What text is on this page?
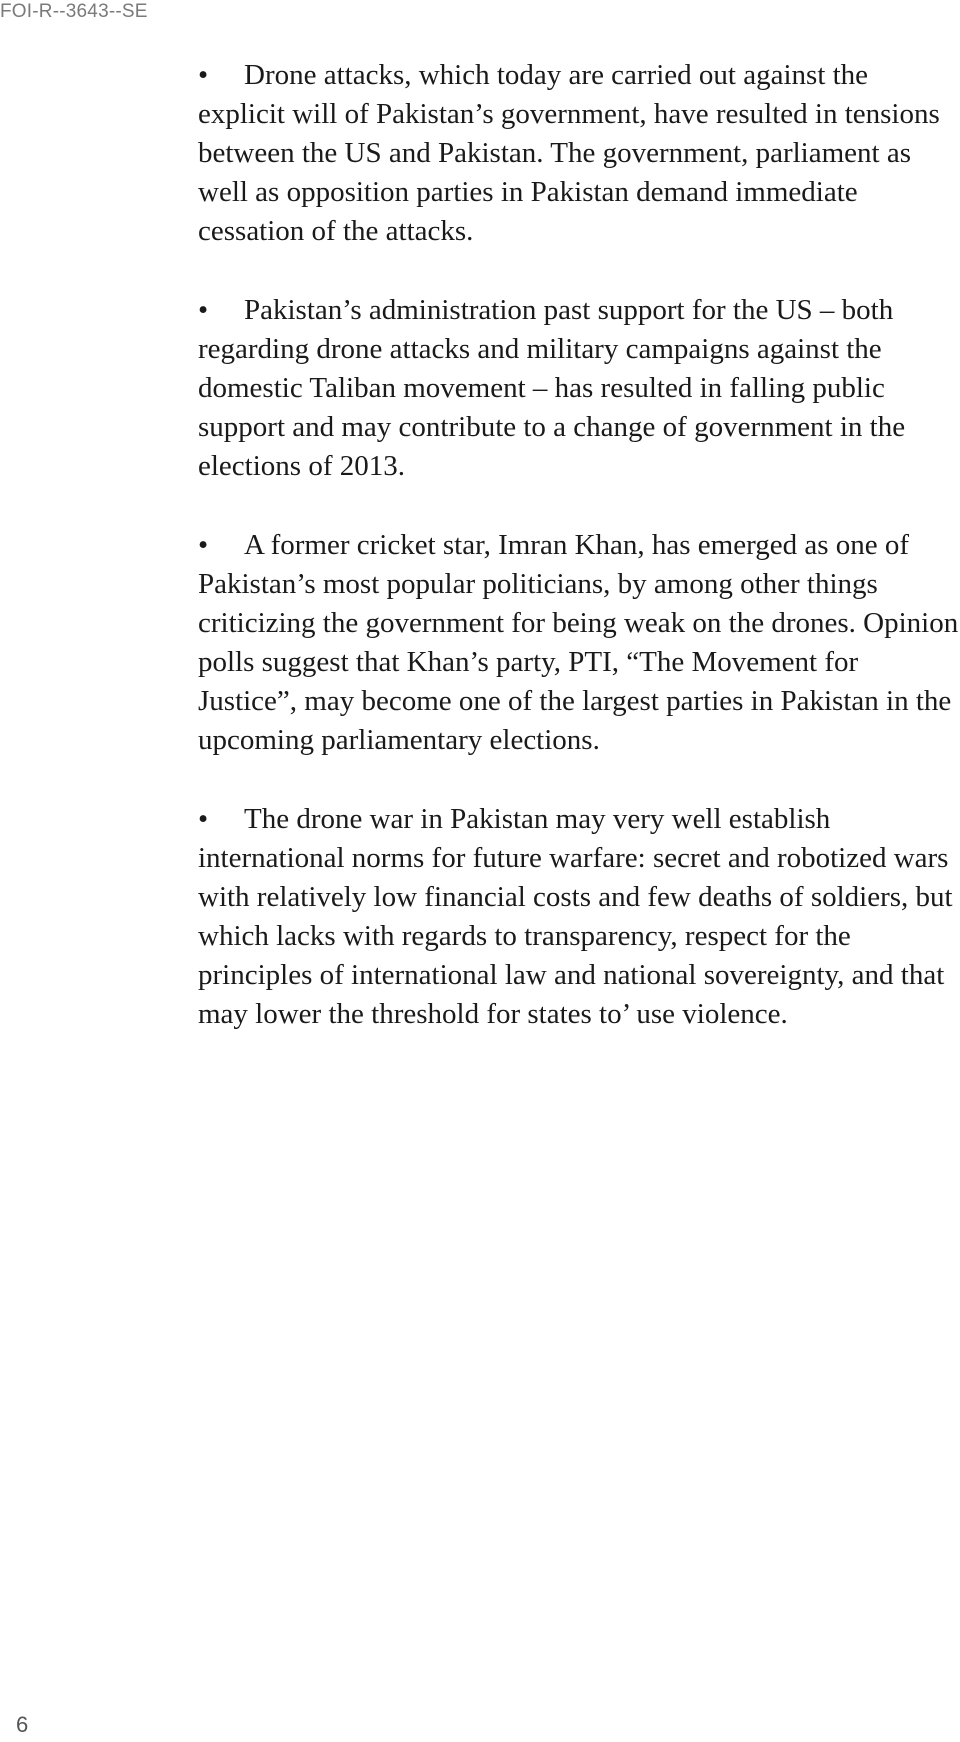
FOI-R--3643--SE
• Drone attacks, which today are carried out against the explicit will of Pakistan’s government, have resulted in tensions between the US and Pakistan. The government, parliament as well as opposition parties in Pakistan demand immediate cessation of the attacks.
• Pakistan’s administration past support for the US – both regarding drone attacks and military campaigns against the domestic Taliban movement – has resulted in falling public support and may contribute to a change of government in the elections of 2013.
• A former cricket star, Imran Khan, has emerged as one of Pakistan’s most popular politicians, by among other things criticizing the government for being weak on the drones. Opinion polls suggest that Khan’s party, PTI, “The Movement for Justice”, may become one of the largest parties in Pakistan in the upcoming parliamentary elections.
• The drone war in Pakistan may very well establish international norms for future warfare: secret and robotized wars with relatively low financial costs and few deaths of soldiers, but which lacks with regards to transparency, respect for the principles of international law and national sovereignty, and that may lower the threshold for states to’ use violence.
6
